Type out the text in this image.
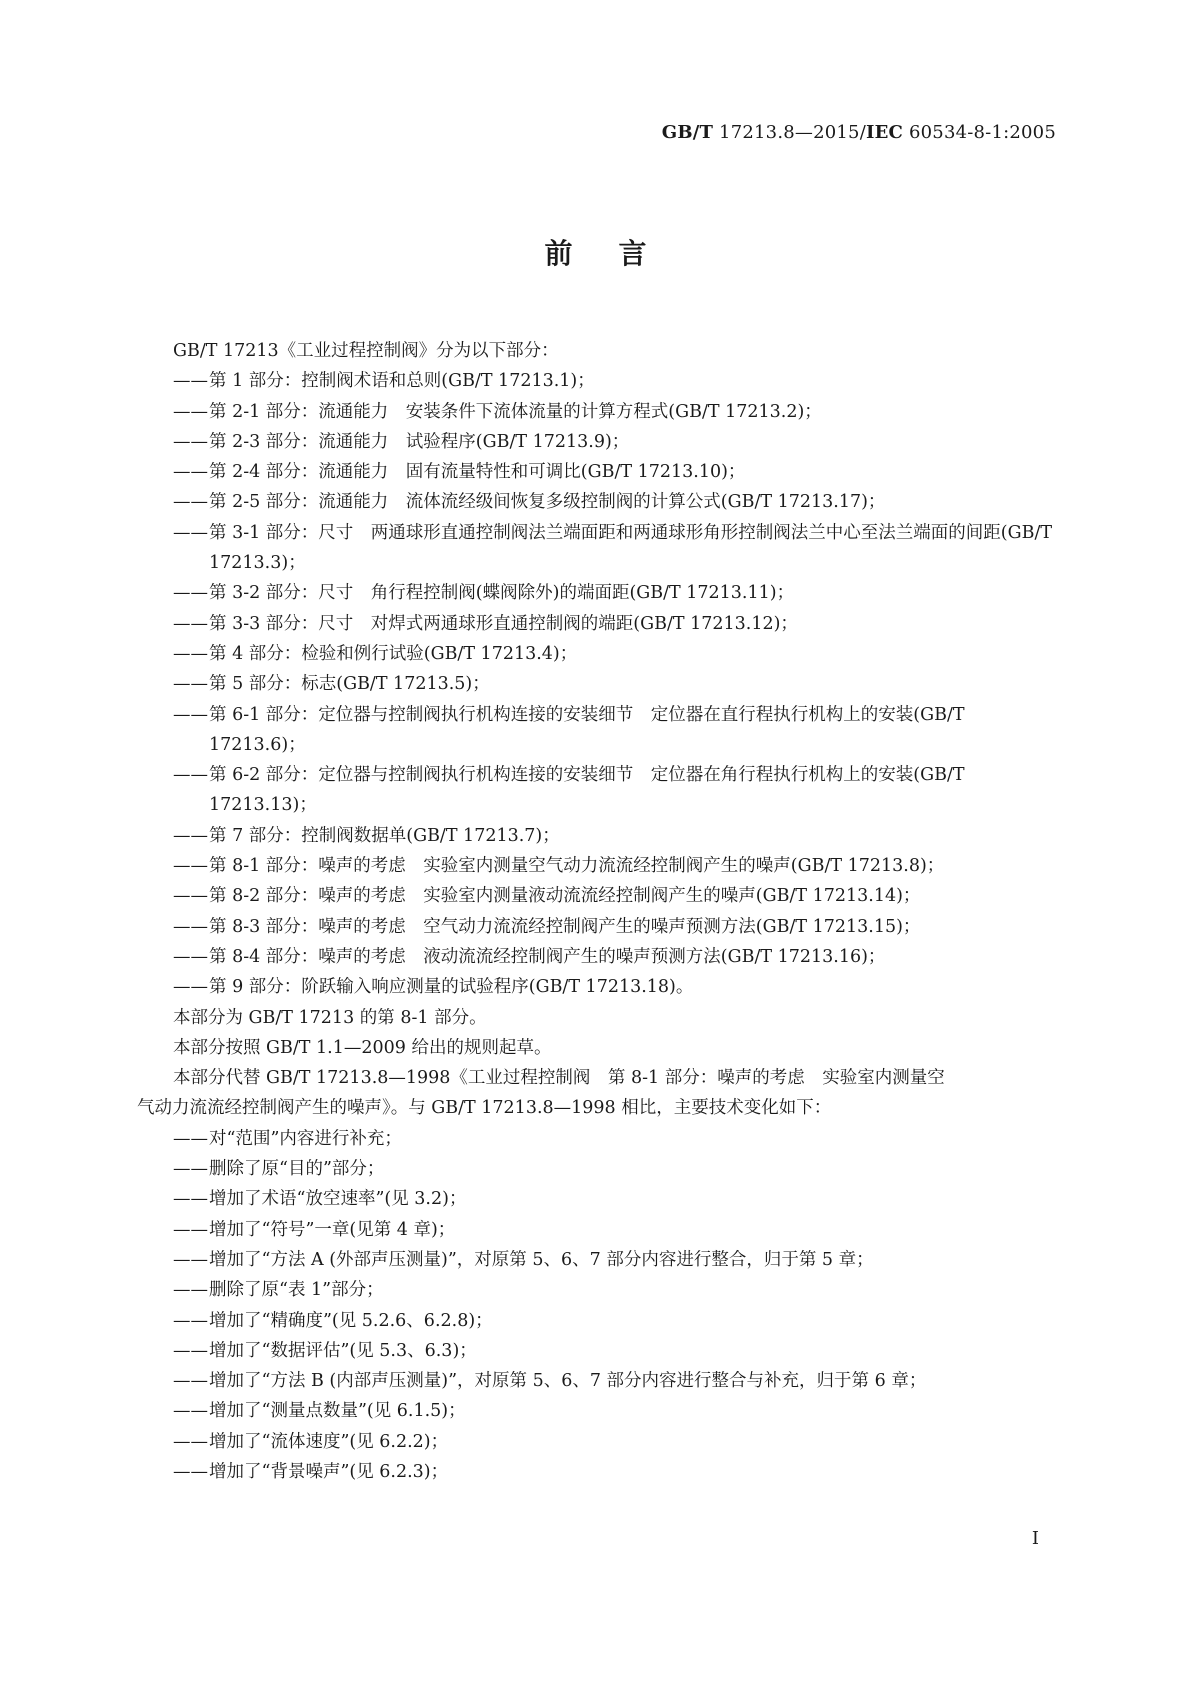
GB/T 17213.8—2015/IEC 60534-8-1:2005
前言
GB/T 17213《工业过程控制阀》分为以下部分：
—— 第 1 部分：控制阀术语和总则(GB/T 17213.1)；
—— 第 2-1 部分：流通能力　安装条件下流体流量的计算方程式(GB/T 17213.2)；
—— 第 2-3 部分：流通能力　试验程序(GB/T 17213.9)；
—— 第 2-4 部分：流通能力　固有流量特性和可调比(GB/T 17213.10)；
—— 第 2-5 部分：流通能力　流体流经级间恢复多级控制阀的计算公式(GB/T 17213.17)；
—— 第 3-1 部分：尺寸　两通球形直通控制阀法兰端面距和两通球形角形控制阀法兰中心至法兰端面的间距(GB/T 17213.3)；
—— 第 3-2 部分：尺寸　角行程控制阀(蝶阀除外)的端面距(GB/T 17213.11)；
—— 第 3-3 部分：尺寸　对焊式两通球形直通控制阀的端距(GB/T 17213.12)；
—— 第 4 部分：检验和例行试验(GB/T 17213.4)；
—— 第 5 部分：标志(GB/T 17213.5)；
—— 第 6-1 部分：定位器与控制阀执行机构连接的安装细节　定位器在直行程执行机构上的安装(GB/T 17213.6)；
—— 第 6-2 部分：定位器与控制阀执行机构连接的安装细节　定位器在角行程执行机构上的安装(GB/T 17213.13)；
—— 第 7 部分：控制阀数据单(GB/T 17213.7)；
—— 第 8-1 部分：噪声的考虑　实验室内测量空气动力流流经控制阀产生的噪声(GB/T 17213.8)；
—— 第 8-2 部分：噪声的考虑　实验室内测量液动流流经控制阀产生的噪声(GB/T 17213.14)；
—— 第 8-3 部分：噪声的考虑　空气动力流流经控制阀产生的噪声预测方法(GB/T 17213.15)；
—— 第 8-4 部分：噪声的考虑　液动流流经控制阀产生的噪声预测方法(GB/T 17213.16)；
—— 第 9 部分：阶跃输入响应测量的试验程序(GB/T 17213.18)。
本部分为 GB/T 17213 的第 8-1 部分。
本部分按照 GB/T 1.1—2009 给出的规则起草。
本部分代替 GB/T 17213.8—1998《工业过程控制阀　第 8-1 部分：噪声的考虑　实验室内测量空
气动力流流经控制阀产生的噪声》。与 GB/T 17213.8—1998 相比，主要技术变化如下：
—— 对“范围”内容进行补充；
—— 删除了原“目的”部分；
—— 增加了术语“放空速率”(见 3.2)；
—— 增加了“符号”一章(见第 4 章)；
—— 增加了“方法 A (外部声压测量)”，对原第 5、6、7 部分内容进行整合，归于第 5 章；
—— 删除了原“表 1”部分；
—— 增加了“精确度”(见 5.2.6、6.2.8)；
—— 增加了“数据评估”(见 5.3、6.3)；
—— 增加了“方法 B (内部声压测量)”，对原第 5、6、7 部分内容进行整合与补充，归于第 6 章；
—— 增加了“测量点数量”(见 6.1.5)；
—— 增加了“流体速度”(见 6.2.2)；
—— 增加了“背景噪声”(见 6.2.3)；
I
